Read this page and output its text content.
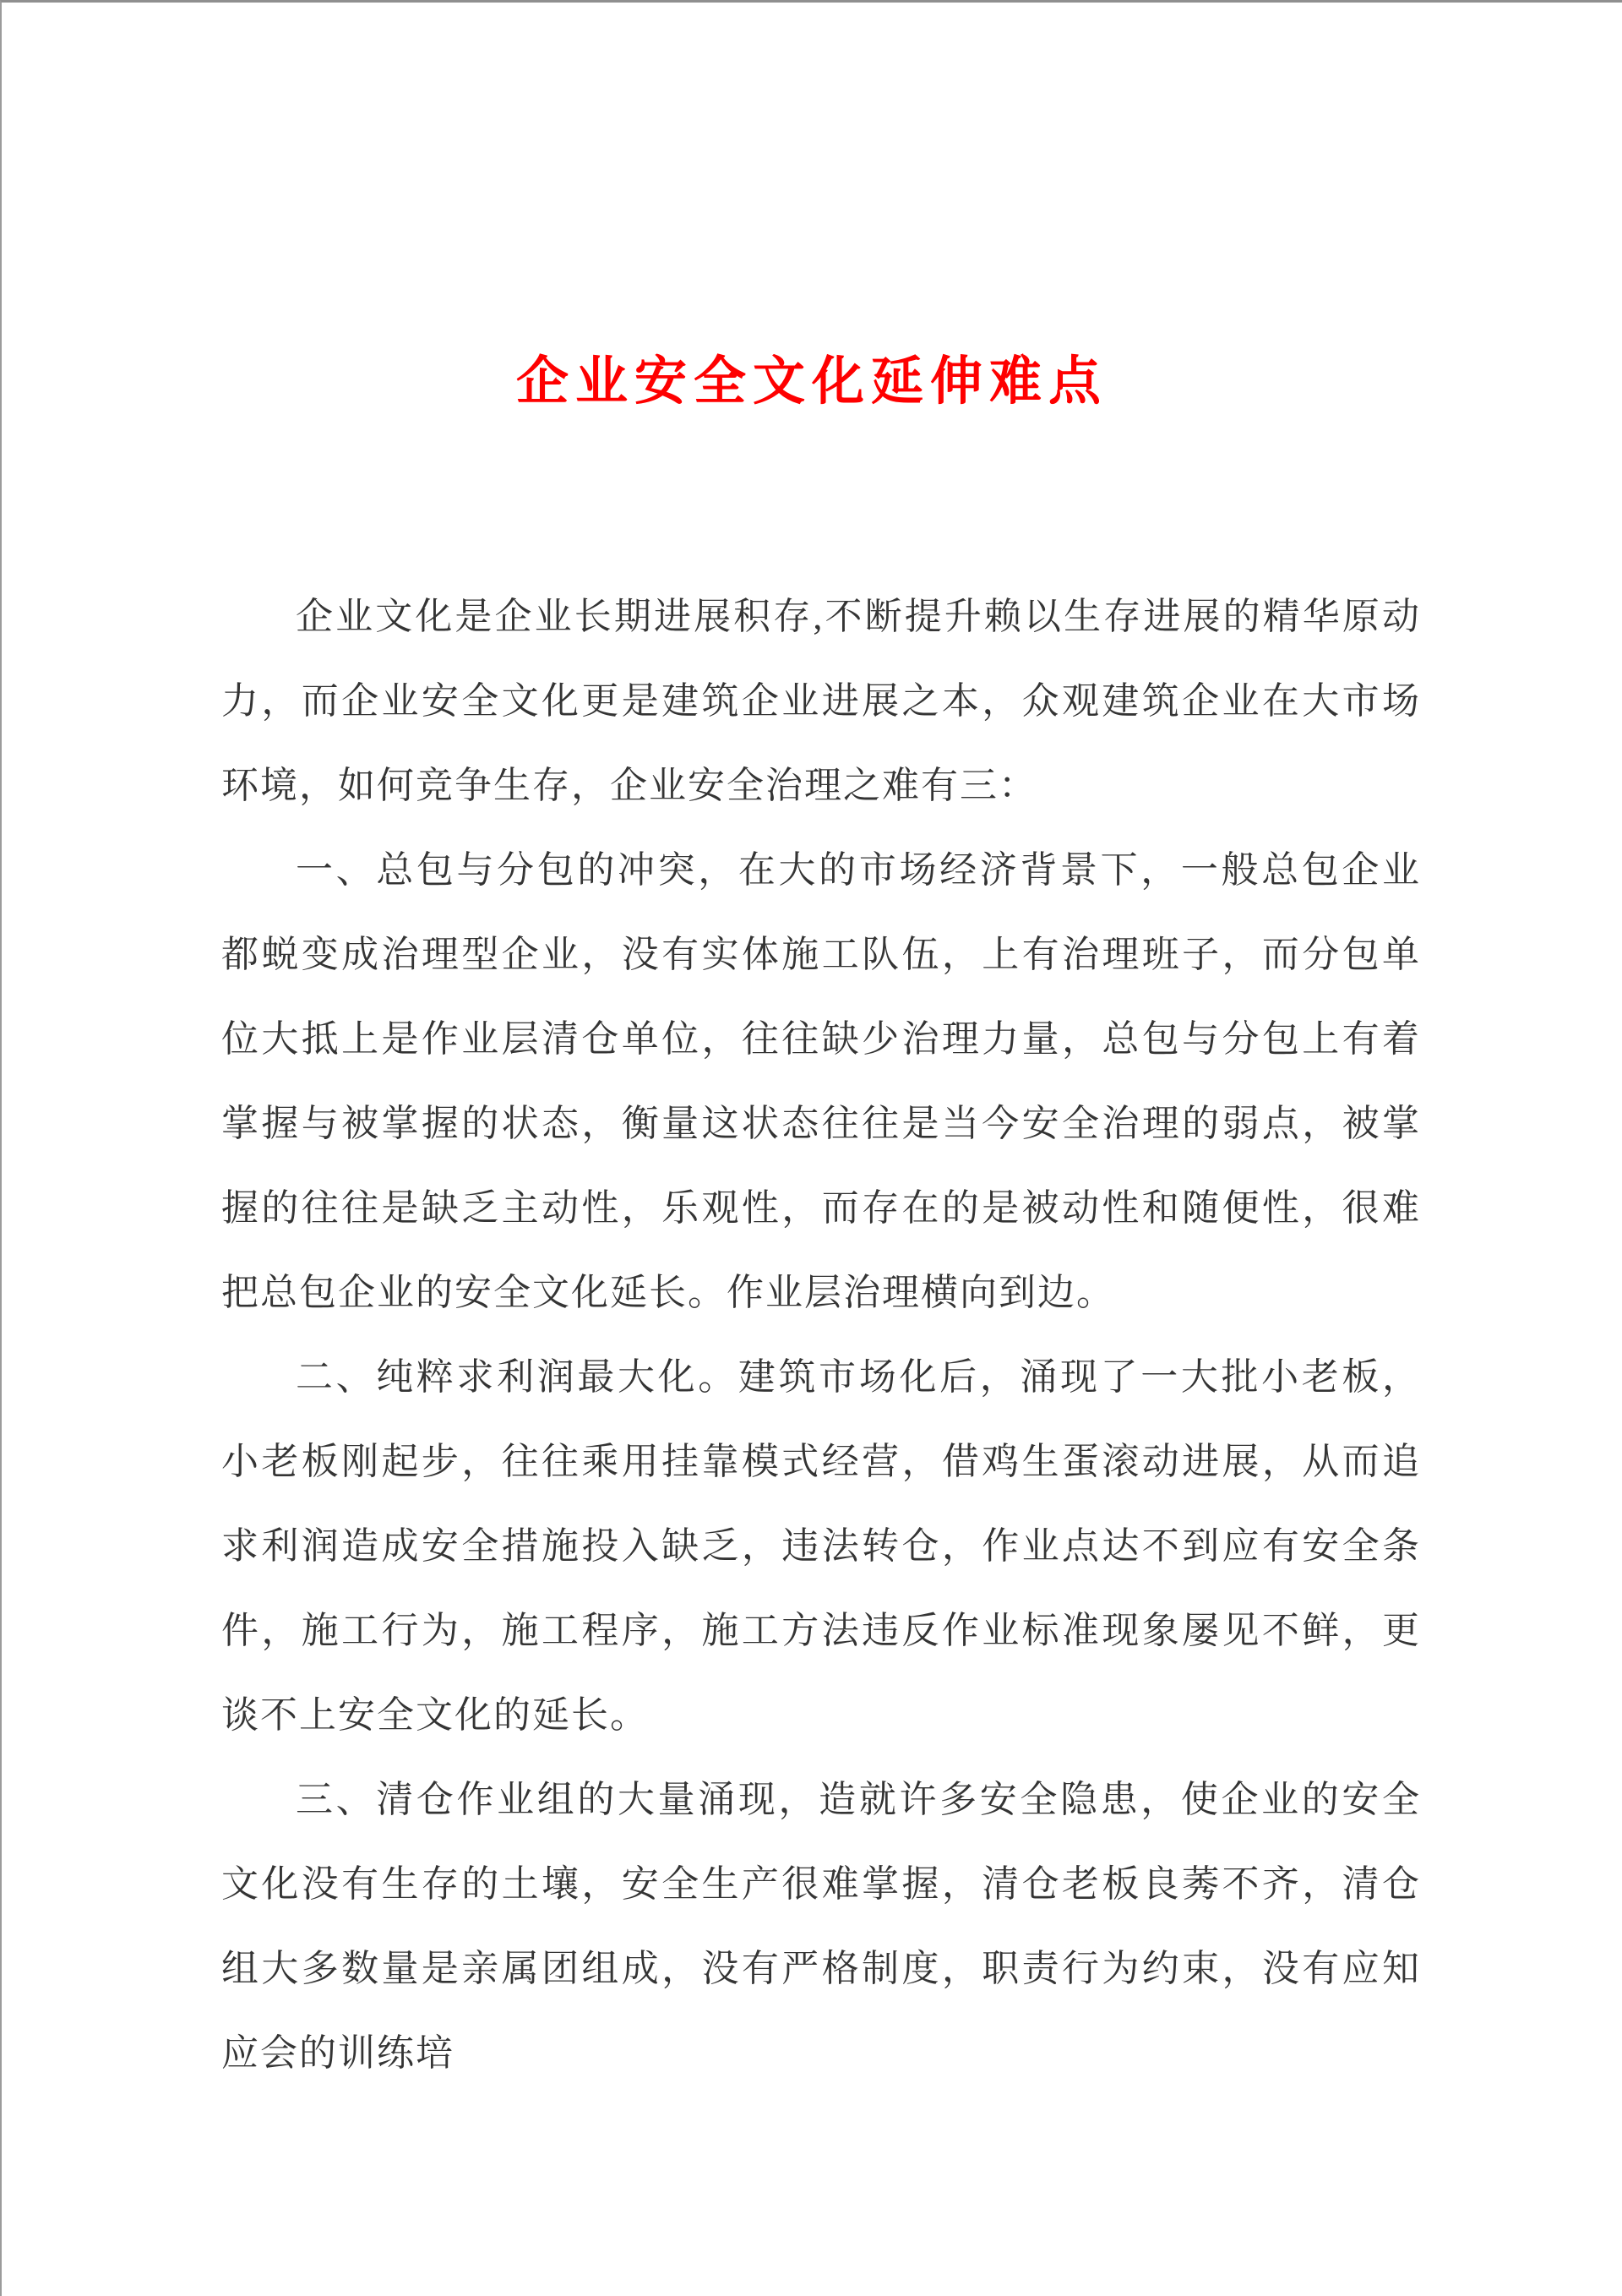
企业安全文化延伸难点

企业文化是企业长期进展积存,不断提升赖以生存进展的精华原动力，而企业安全文化更是建筑企业进展之本，众观建筑企业在大市场环境，如何竞争生存，企业安全治理之难有三：

一、总包与分包的冲突，在大的市场经济背景下，一般总包企业都蜕变成治理型企业，没有实体施工队伍，上有治理班子，而分包单位大抵上是作业层清仓单位，往往缺少治理力量，总包与分包上有着掌握与被掌握的状态，衡量这状态往往是当今安全治理的弱点，被掌握的往往是缺乏主动性，乐观性，而存在的是被动性和随便性，很难把总包企业的安全文化延长。作业层治理横向到边。

二、纯粹求利润最大化。建筑市场化后，涌现了一大批小老板，小老板刚起步，往往乘用挂靠模式经营，借鸡生蛋滚动进展，从而追求利润造成安全措施投入缺乏，违法转仓，作业点达不到应有安全条件，施工行为，施工程序，施工方法违反作业标准现象屡见不鲜，更谈不上安全文化的延长。

三、清仓作业组的大量涌现，造就许多安全隐患，使企业的安全文化没有生存的土壤，安全生产很难掌握，清仓老板良莠不齐，清仓组大多数量是亲属团组成，没有严格制度，职责行为约束，没有应知应会的训练培
